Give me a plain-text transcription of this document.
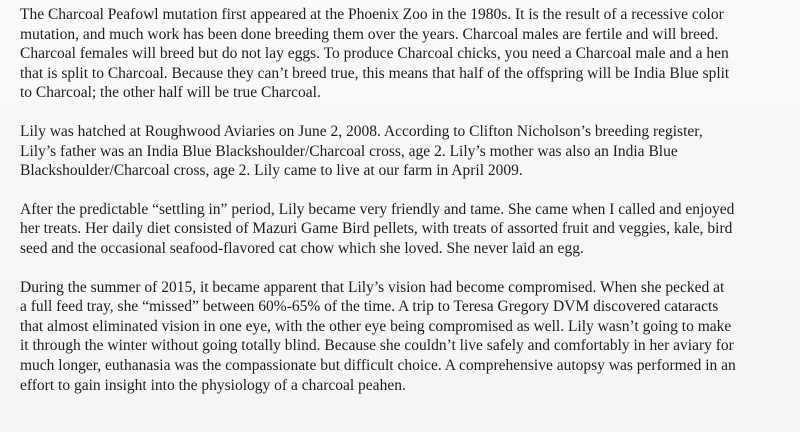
The Charcoal Peafowl mutation first appeared at the Phoenix Zoo in the 1980s. It is the result of a recessive color
mutation, and much work has been done breeding them over the years. Charcoal males are fertile and will breed.
Charcoal females will breed but do not lay eggs. To produce Charcoal chicks, you need a Charcoal male and a hen
that is split to Charcoal. Because they can’t breed true, this means that half of the offspring will be India Blue split
to Charcoal; the other half will be true Charcoal.

Lily was hatched at Roughwood Aviaries on June 2, 2008. According to Clifton Nicholson’s breeding register,
Lily’s father was an India Blue Blackshoulder/Charcoal cross, age 2. Lily’s mother was also an India Blue
Blackshoulder/Charcoal cross, age 2. Lily came to live at our farm in April 2009.

After the predictable “settling in” period, Lily became very friendly and tame. She came when I called and enjoyed
her treats. Her daily diet consisted of Mazuri Game Bird pellets, with treats of assorted fruit and veggies, kale, bird
seed and the occasional seafood-flavored cat chow which she loved. She never laid an egg.

During the summer of 2015, it became apparent that Lily’s vision had become compromised. When she pecked at
a full feed tray, she “missed” between 60%-65% of the time. A trip to Teresa Gregory DVM discovered cataracts
that almost eliminated vision in one eye, with the other eye being compromised as well. Lily wasn’t going to make
it through the winter without going totally blind. Because she couldn’t live safely and comfortably in her aviary for
much longer, euthanasia was the compassionate but difficult choice. A comprehensive autopsy was performed in an
effort to gain insight into the physiology of a charcoal peahen.
